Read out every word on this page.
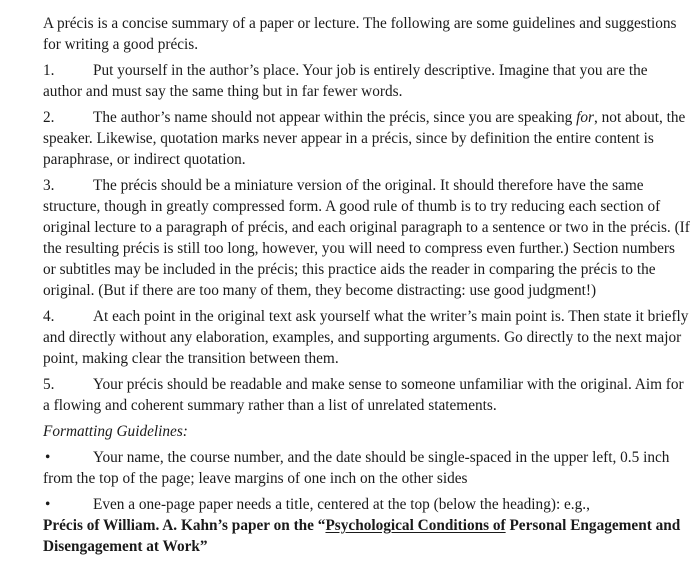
A précis is a concise summary of a paper or lecture. The following are some guidelines and suggestions for writing a good précis.

1.	Put yourself in the author’s place. Your job is entirely descriptive. Imagine that you are the author and must say the same thing but in far fewer words.

2.	The author’s name should not appear within the précis, since you are speaking for, not about, the speaker. Likewise, quotation marks never appear in a précis, since by definition the entire content is paraphrase, or indirect quotation.

3.	The précis should be a miniature version of the original. It should therefore have the same structure, though in greatly compressed form. A good rule of thumb is to try reducing each section of original lecture to a paragraph of précis, and each original paragraph to a sentence or two in the précis. (If the resulting précis is still too long, however, you will need to compress even further.) Section numbers or subtitles may be included in the précis; this practice aids the reader in comparing the précis to the original. (But if there are too many of them, they become distracting: use good judgment!)

4.	At each point in the original text ask yourself what the writer’s main point is. Then state it briefly and directly without any elaboration, examples, and supporting arguments. Go directly to the next major point, making clear the transition between them.

5.	Your précis should be readable and make sense to someone unfamiliar with the original. Aim for a flowing and coherent summary rather than a list of unrelated statements.

Formatting Guidelines:

•	Your name, the course number, and the date should be single-spaced in the upper left, 0.5 inch from the top of the page; leave margins of one inch on the other sides

•	Even a one-page paper needs a title, centered at the top (below the heading): e.g.,
Précis of William. A. Kahn’s paper on the “Psychological Conditions of Personal Engagement and Disengagement at Work”
